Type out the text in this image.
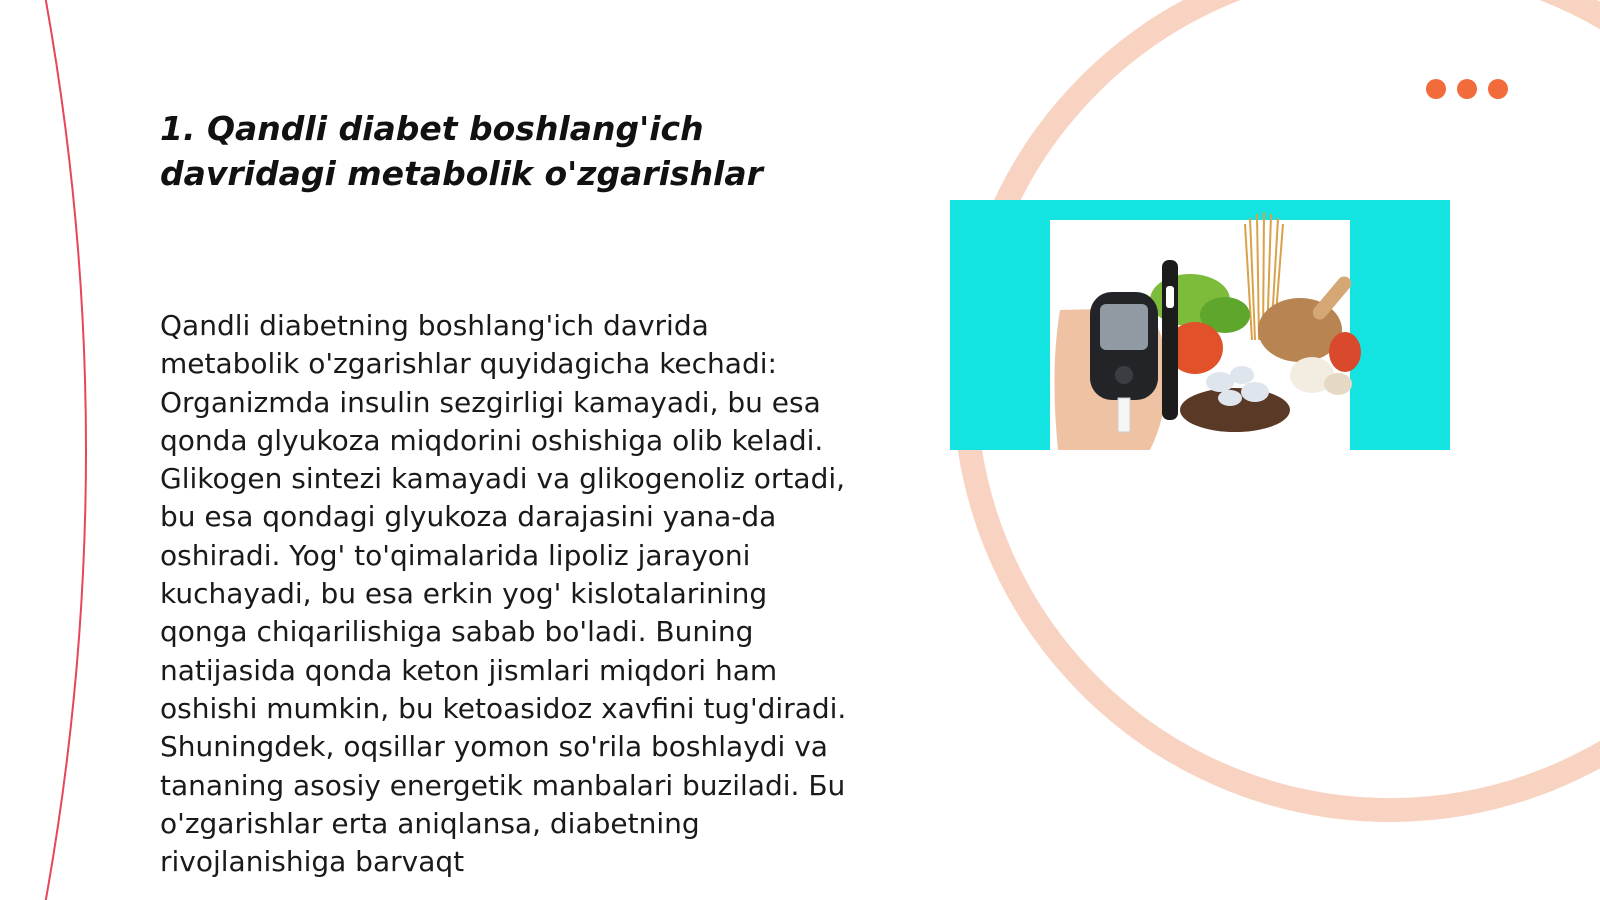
1. Qandli diabet boshlang'ich
davridagi metabolik o'zgarishlar

Qandli diabetning boshlang'ich davrida metabolik o'zgarishlar quyidagicha kechadi: Organizmda insulin sezgirligi kamayadi, bu esa qonda glyukoza miqdorini oshishiga olib keladi. Glikogen sintezi kamayadi va glikogenoliz ortadi, bu esa qondagi glyukoza darajasini yana-da oshiradi. Yog' to'qimalarida lipoliz jarayoni kuchayadi, bu esa erkin yog' kislotalarining qonga chiqarilishiga sabab bo'ladi. Buning natijasida qonda keton jismlari miqdori ham oshishi mumkin, bu ketoasidoz xavfini tug'diradi. Shuningdek, oqsillar yomon so'rila boshlaydi va tananing asosiy energetik manbalari buziladi. Бu o'zgarishlar erta aniqlansa, diabetning rivojlanishiga barvaqt
